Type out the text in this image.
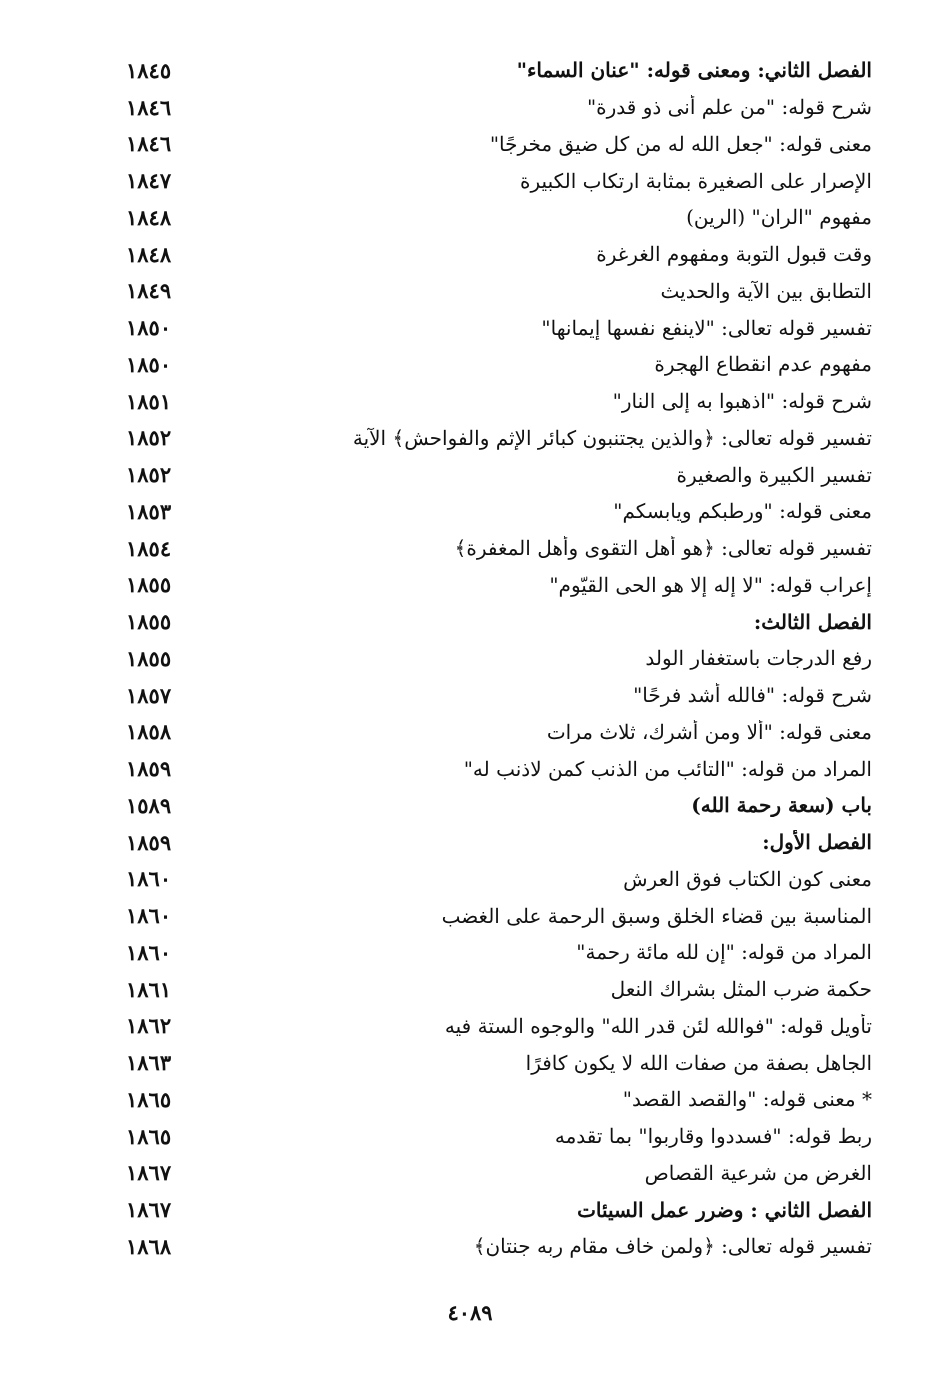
١٨٤٥	الفصل الثاني: ومعنى قوله: "عنان السماء"
١٨٤٦	شرح قوله: "من علم أنى ذو قدرة"
١٨٤٦	معنى قوله: "جعل الله له من كل ضيق مخرجًا"
١٨٤٧	الإصرار على الصغيرة بمثابة ارتكاب الكبيرة
١٨٤٨	مفهوم "الران" (الرين)
١٨٤٨	وقت قبول التوبة ومفهوم الغرغرة
١٨٤٩	التطابق بين الآية والحديث
١٨٥٠	تفسير قوله تعالى: "لاينفع نفسها إيمانها"
١٨٥٠	مفهوم عدم انقطاع الهجرة
١٨٥١	شرح قوله: "اذهبوا به إلى النار"
١٨٥٢	تفسير قوله تعالى: ﴿والذين يجتنبون كبائر الإثم والفواحش﴾ الآية
١٨٥٢	تفسير الكبيرة والصغيرة
١٨٥٣	معنى قوله: "ورطبكم ويابسكم"
١٨٥٤	تفسير قوله تعالى: ﴿هو أهل التقوى وأهل المغفرة﴾
١٨٥٥	إعراب قوله: "لا إله إلا هو الحى القيّوم"
١٨٥٥	الفصل الثالث:
١٨٥٥	رفع الدرجات باستغفار الولد
١٨٥٧	شرح قوله: "فالله أشد فرحًا"
١٨٥٨	معنى قوله: "ألا ومن أشرك، ثلاث مرات
١٨٥٩	المراد من قوله: "التائب من الذنب كمن لاذنب له"
١٥٨٩	باب (سعة رحمة الله)
١٨٥٩	الفصل الأول:
١٨٦٠	معنى كون الكتاب فوق العرش
١٨٦٠	المناسبة بين قضاء الخلق وسبق الرحمة على الغضب
١٨٦٠	المراد من قوله: "إن لله مائة رحمة"
١٨٦١	حكمة ضرب المثل بشراك النعل
١٨٦٢	تأويل قوله: "فوالله لئن قدر الله" والوجوه الستة فيه
١٨٦٣	الجاهل بصفة من صفات الله لا يكون كافرًا
١٨٦٥	* معنى قوله: "والقصد القصد"
١٨٦٥	ربط قوله: "فسددوا وقاربوا" بما تقدمه
١٨٦٧	الغرض من شرعية القصاص
١٨٦٧	الفصل الثاني : وضرر عمل السيئات
١٨٦٨	تفسير قوله تعالى: ﴿ولمن خاف مقام ربه جنتان﴾
٤٠٨٩
